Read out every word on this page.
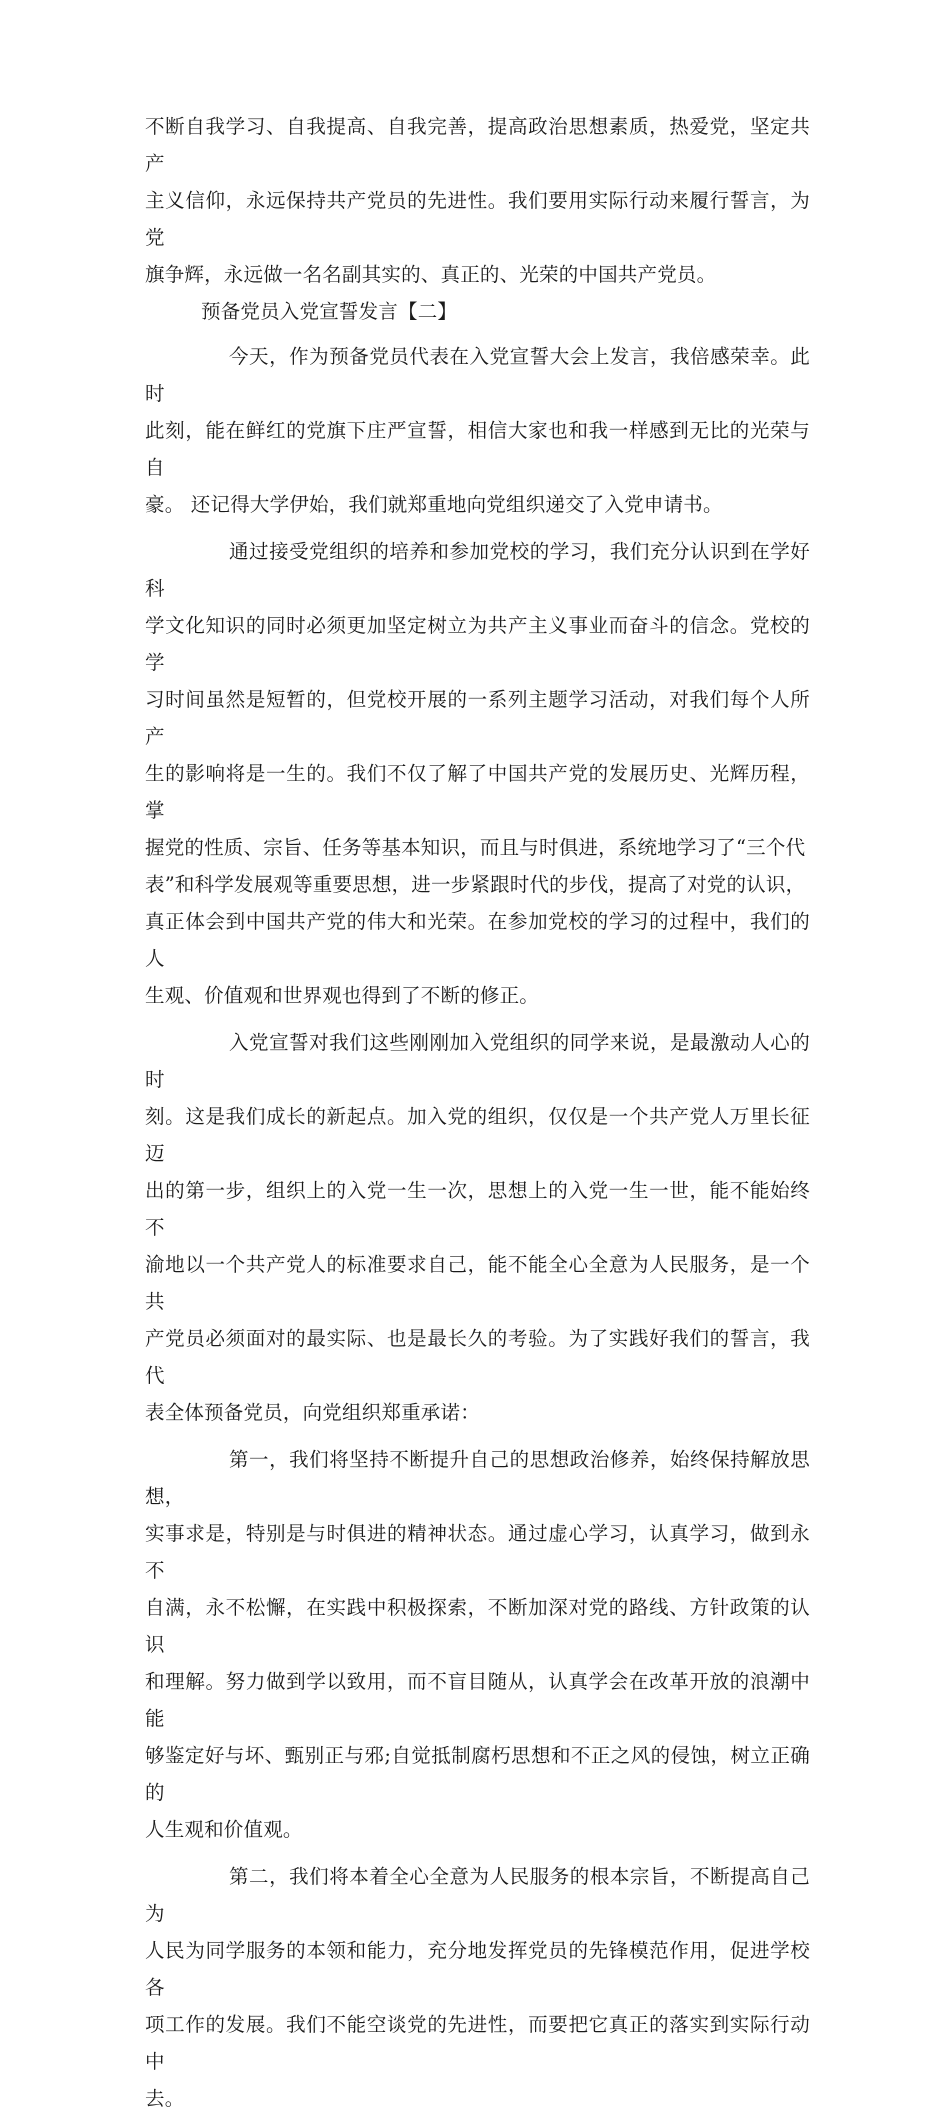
不断自我学习、自我提高、自我完善，提高政治思想素质，热爱党，坚定共产
主义信仰，永远保持共产党员的先进性。我们要用实际行动来履行誓言，为党
旗争辉，永远做一名名副其实的、真正的、光荣的中国共产党员。

预备党员入党宣誓发言【二】

今天，作为预备党员代表在入党宣誓大会上发言，我倍感荣幸。此时
此刻，能在鲜红的党旗下庄严宣誓，相信大家也和我一样感到无比的光荣与自
豪。 还记得大学伊始，我们就郑重地向党组织递交了入党申请书。

通过接受党组织的培养和参加党校的学习，我们充分认识到在学好科
学文化知识的同时必须更加坚定树立为共产主义事业而奋斗的信念。党校的学
习时间虽然是短暂的，但党校开展的一系列主题学习活动，对我们每个人所产
生的影响将是一生的。我们不仅了解了中国共产党的发展历史、光辉历程，掌
握党的性质、宗旨、任务等基本知识，而且与时俱进，系统地学习了“三个代
表”和科学发展观等重要思想，进一步紧跟时代的步伐，提高了对党的认识，
真正体会到中国共产党的伟大和光荣。在参加党校的学习的过程中，我们的人
生观、价值观和世界观也得到了不断的修正。

入党宣誓对我们这些刚刚加入党组织的同学来说，是最激动人心的时
刻。这是我们成长的新起点。加入党的组织，仅仅是一个共产党人万里长征迈
出的第一步，组织上的入党一生一次，思想上的入党一生一世，能不能始终不
渝地以一个共产党人的标准要求自己，能不能全心全意为人民服务，是一个共
产党员必须面对的最实际、也是最长久的考验。为了实践好我们的誓言，我代
表全体预备党员，向党组织郑重承诺：

第一，我们将坚持不断提升自己的思想政治修养，始终保持解放思想，
实事求是，特别是与时俱进的精神状态。通过虚心学习，认真学习，做到永不
自满，永不松懈，在实践中积极探索，不断加深对党的路线、方针政策的认识
和理解。努力做到学以致用，而不盲目随从，认真学会在改革开放的浪潮中能
够鉴定好与坏、甄别正与邪;自觉抵制腐朽思想和不正之风的侵蚀，树立正确的
人生观和价值观。

第二，我们将本着全心全意为人民服务的根本宗旨，不断提高自己为
人民为同学服务的本领和能力，充分地发挥党员的先锋模范作用，促进学校各
项工作的发展。我们不能空谈党的先进性，而要把它真正的落实到实际行动中
去。
